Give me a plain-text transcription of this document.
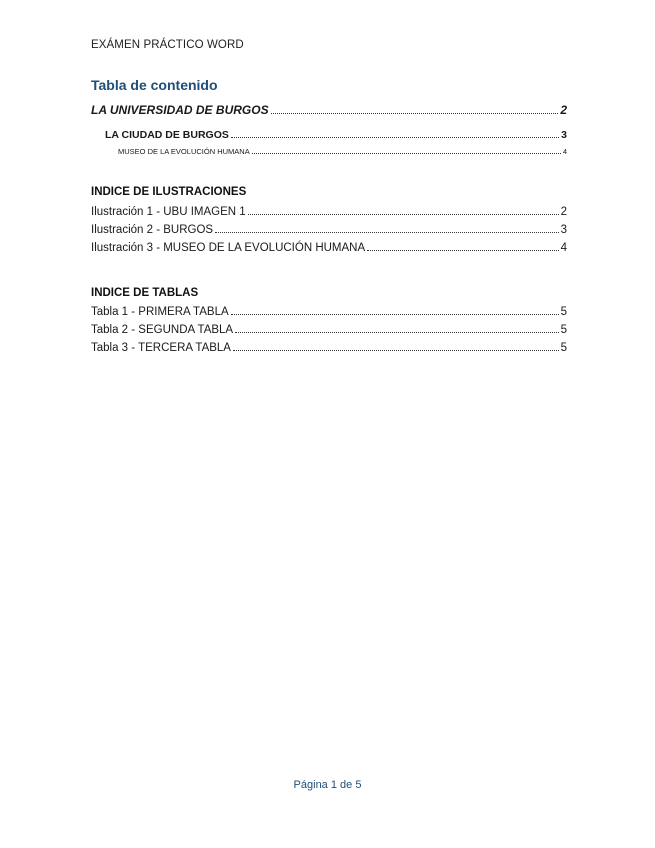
EXÁMEN PRÁCTICO WORD
Tabla de contenido
LA UNIVERSIDAD DE BURGOS	2
LA CIUDAD DE BURGOS	3
MUSEO DE LA EVOLUCIÓN HUMANA	4
INDICE DE ILUSTRACIONES
Ilustración 1 - UBU IMAGEN 1	2
Ilustración 2 - BURGOS	3
Ilustración 3 - MUSEO DE LA EVOLUCIÓN HUMANA	4
INDICE DE TABLAS
Tabla 1 - PRIMERA TABLA	5
Tabla 2 - SEGUNDA TABLA	5
Tabla 3 - TERCERA TABLA	5
Página 1 de 5
